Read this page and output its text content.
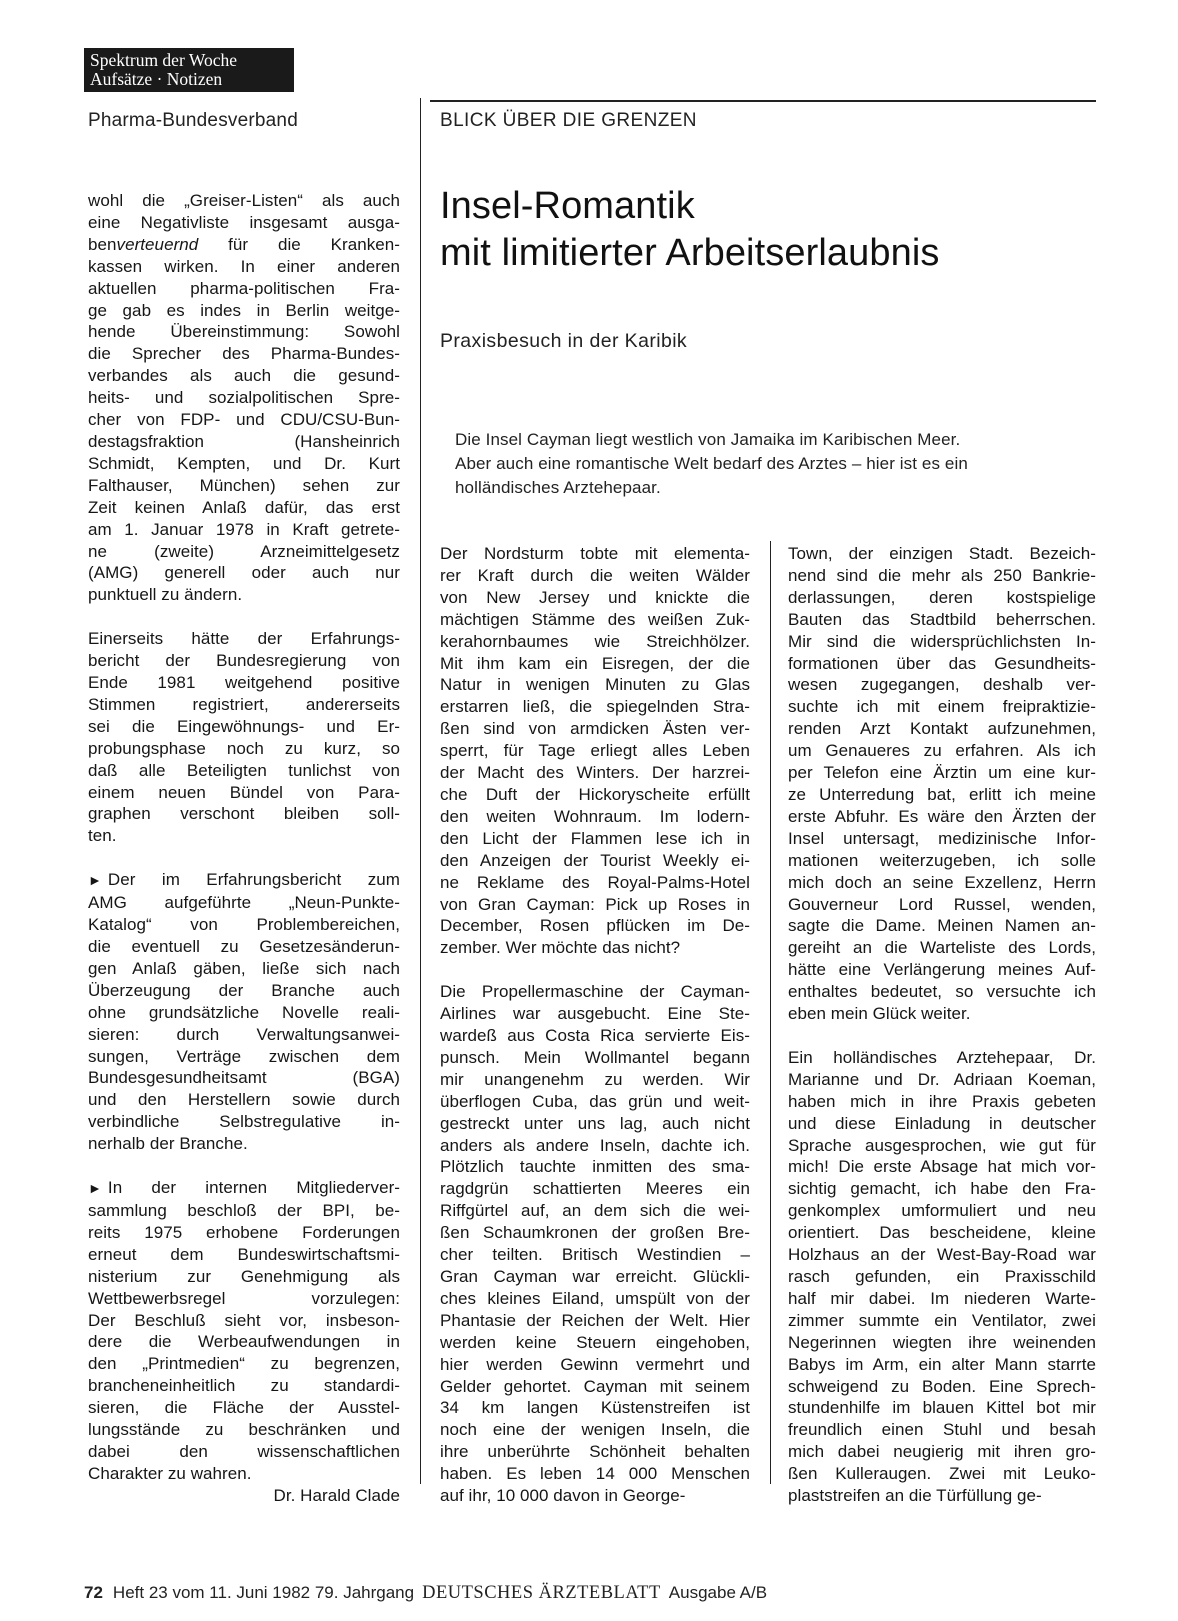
Spektrum der Woche
Aufsätze · Notizen
Pharma-Bundesverband	BLICK ÜBER DIE GRENZEN
Insel-Romantik
mit limitierter Arbeitserlaubnis
Praxisbesuch in der Karibik
Die Insel Cayman liegt westlich von Jamaika im Karibischen Meer.
Aber auch eine romantische Welt bedarf des Arztes – hier ist es ein
holländisches Arztehepaar.
wohl die „Greiser-Listen“ als auch
eine Negativliste insgesamt ausga-
benverteuernd für die Kranken-
kassen wirken. In einer anderen
aktuellen pharma-politischen Fra-
ge gab es indes in Berlin weitge-
hende Übereinstimmung: Sowohl
die Sprecher des Pharma-Bundes-
verbandes als auch die gesund-
heits- und sozialpolitischen Spre-
cher von FDP- und CDU/CSU-Bun-
destagsfraktion (Hansheinrich
Schmidt, Kempten, und Dr. Kurt
Falthauser, München) sehen zur
Zeit keinen Anlaß dafür, das erst
am 1. Januar 1978 in Kraft getrete-
ne (zweite) Arzneimittelgesetz
(AMG) generell oder auch nur
punktuell zu ändern.
Einerseits hätte der Erfahrungs-
bericht der Bundesregierung von
Ende 1981 weitgehend positive
Stimmen registriert, andererseits
sei die Eingewöhnungs- und Er-
probungsphase noch zu kurz, so
daß alle Beteiligten tunlichst von
einem neuen Bündel von Para-
graphen verschont bleiben soll-
ten.
► Der im Erfahrungsbericht zum
AMG aufgeführte „Neun-Punkte-
Katalog“ von Problembereichen,
die eventuell zu Gesetzesänderun-
gen Anlaß gäben, ließe sich nach
Überzeugung der Branche auch
ohne grundsätzliche Novelle reali-
sieren: durch Verwaltungsanwei-
sungen, Verträge zwischen dem
Bundesgesundheitsamt (BGA)
und den Herstellern sowie durch
verbindliche Selbstregulative in-
nerhalb der Branche.
► In der internen Mitgliederver-
sammlung beschloß der BPI, be-
reits 1975 erhobene Forderungen
erneut dem Bundeswirtschaftsmi-
nisterium zur Genehmigung als
Wettbewerbsregel vorzulegen:
Der Beschluß sieht vor, insbeson-
dere die Werbeaufwendungen in
den „Printmedien“ zu begrenzen,
brancheneinheitlich zu standardi-
sieren, die Fläche der Ausstel-
lungsstände zu beschränken und
dabei den wissenschaftlichen
Charakter zu wahren.
Dr. Harald Clade
Der Nordsturm tobte mit elementa-
rer Kraft durch die weiten Wälder
von New Jersey und knickte die
mächtigen Stämme des weißen Zuk-
kerahornbaumes wie Streichhölzer.
Mit ihm kam ein Eisregen, der die
Natur in wenigen Minuten zu Glas
erstarren ließ, die spiegelnden Stra-
ßen sind von armdicken Ästen ver-
sperrt, für Tage erliegt alles Leben
der Macht des Winters. Der harzrei-
che Duft der Hickoryscheite erfüllt
den weiten Wohnraum. Im lodern-
den Licht der Flammen lese ich in
den Anzeigen der Tourist Weekly ei-
ne Reklame des Royal-Palms-Hotel
von Gran Cayman: Pick up Roses in
December, Rosen pflücken im De-
zember. Wer möchte das nicht?
Die Propellermaschine der Cayman-
Airlines war ausgebucht. Eine Ste-
wardeß aus Costa Rica servierte Eis-
punsch. Mein Wollmantel begann
mir unangenehm zu werden. Wir
überflogen Cuba, das grün und weit-
gestreckt unter uns lag, auch nicht
anders als andere Inseln, dachte ich.
Plötzlich tauchte inmitten des sma-
ragdgrün schattierten Meeres ein
Riffgürtel auf, an dem sich die wei-
ßen Schaumkronen der großen Bre-
cher teilten. Britisch Westindien –
Gran Cayman war erreicht. Glückli-
ches kleines Eiland, umspült von der
Phantasie der Reichen der Welt. Hier
werden keine Steuern eingehoben,
hier werden Gewinn vermehrt und
Gelder gehortet. Cayman mit seinem
34 km langen Küstenstreifen ist
noch eine der wenigen Inseln, die
ihre unberührte Schönheit behalten
haben. Es leben 14 000 Menschen
auf ihr, 10 000 davon in George-
Town, der einzigen Stadt. Bezeich-
nend sind die mehr als 250 Bankrie-
derlassungen, deren kostspielige
Bauten das Stadtbild beherrschen.
Mir sind die widersprüchlichsten In-
formationen über das Gesundheits-
wesen zugegangen, deshalb ver-
suchte ich mit einem freipraktizie-
renden Arzt Kontakt aufzunehmen,
um Genaueres zu erfahren. Als ich
per Telefon eine Ärztin um eine kur-
ze Unterredung bat, erlitt ich meine
erste Abfuhr. Es wäre den Ärzten der
Insel untersagt, medizinische Infor-
mationen weiterzugeben, ich solle
mich doch an seine Exzellenz, Herrn
Gouverneur Lord Russel, wenden,
sagte die Dame. Meinen Namen an-
gereiht an die Warteliste des Lords,
hätte eine Verlängerung meines Auf-
enthaltes bedeutet, so versuchte ich
eben mein Glück weiter.
Ein holländisches Arztehepaar, Dr.
Marianne und Dr. Adriaan Koeman,
haben mich in ihre Praxis gebeten
und diese Einladung in deutscher
Sprache ausgesprochen, wie gut für
mich! Die erste Absage hat mich vor-
sichtig gemacht, ich habe den Fra-
genkomplex umformuliert und neu
orientiert. Das bescheidene, kleine
Holzhaus an der West-Bay-Road war
rasch gefunden, ein Praxisschild
half mir dabei. Im niederen Warte-
zimmer summte ein Ventilator, zwei
Negerinnen wiegten ihre weinenden
Babys im Arm, ein alter Mann starrte
schweigend zu Boden. Eine Sprech-
stundenhilfe im blauen Kittel bot mir
freundlich einen Stuhl und besah
mich dabei neugierig mit ihren gro-
ßen Kulleraugen. Zwei mit Leuko-
plaststreifen an die Türfüllung ge-
72 Heft 23 vom 11. Juni 1982 79. Jahrgang DEUTSCHES ÄRZTEBLATT Ausgabe A/B
